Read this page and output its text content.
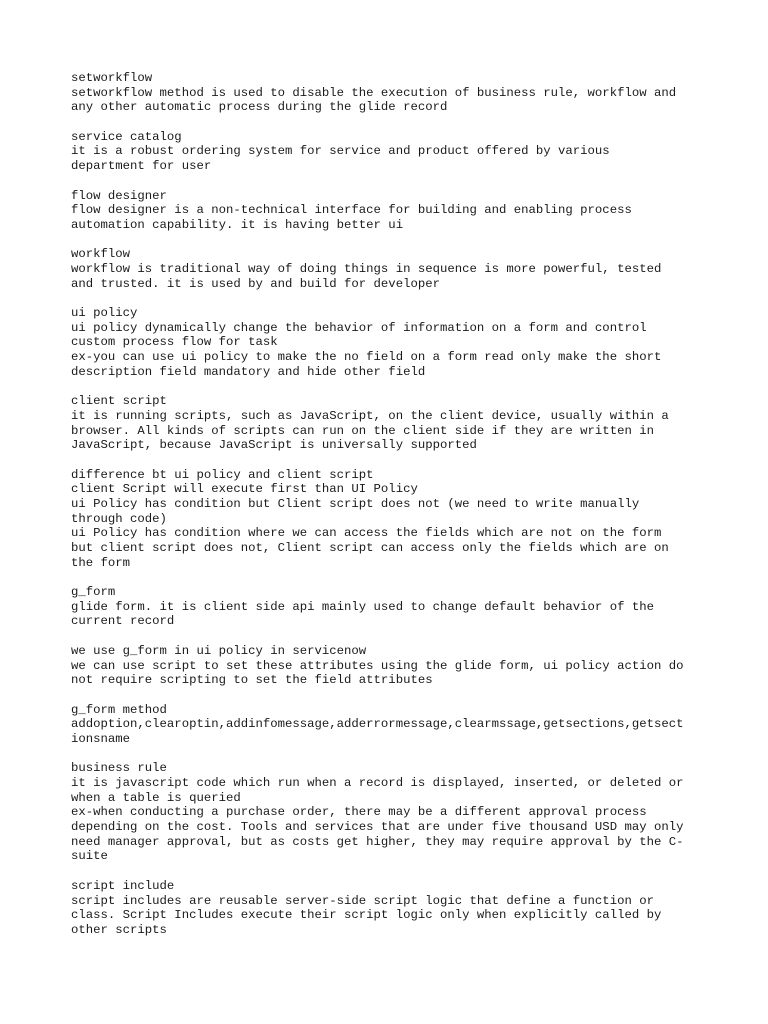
setworkflow
setworkflow method is used to disable the execution of business rule, workflow and
any other automatic process during the glide record
service catalog
it is a robust ordering system for service and product offered by various
department for user
flow designer
flow designer is a non-technical interface for building and enabling process
automation capability. it is having better ui
workflow
workflow is traditional way of doing things in sequence is more powerful, tested
and trusted. it is used by and build for developer
ui policy
ui policy dynamically change the behavior of information on a form and control
custom process flow for task
ex-you can use ui policy to make the no field on a form read only make the short
description field mandatory and hide other field
client script
it is running scripts, such as JavaScript, on the client device, usually within a
browser. All kinds of scripts can run on the client side if they are written in
JavaScript, because JavaScript is universally supported
difference bt ui policy and client script
client Script will execute first than UI Policy
ui Policy has condition but Client script does not (we need to write manually
through code)
ui Policy has condition where we can access the fields which are not on the form
but client script does not, Client script can access only the fields which are on
the form
g_form
glide form. it is client side api mainly used to change default behavior of the
current record
we use g_form in ui policy in servicenow
we can use script to set these attributes using the glide form, ui policy action do
not require scripting to set the field attributes
g_form method
addoption,clearoptin,addinfomessage,adderrormessage,clearmssage,getsections,getsect
ionsname
business rule
it is javascript code which run when a record is displayed, inserted, or deleted or
when a table is queried
ex-when conducting a purchase order, there may be a different approval process
depending on the cost. Tools and services that are under five thousand USD may only
need manager approval, but as costs get higher, they may require approval by the C-
suite
script include
script includes are reusable server-side script logic that define a function or
class. Script Includes execute their script logic only when explicitly called by
other scripts
